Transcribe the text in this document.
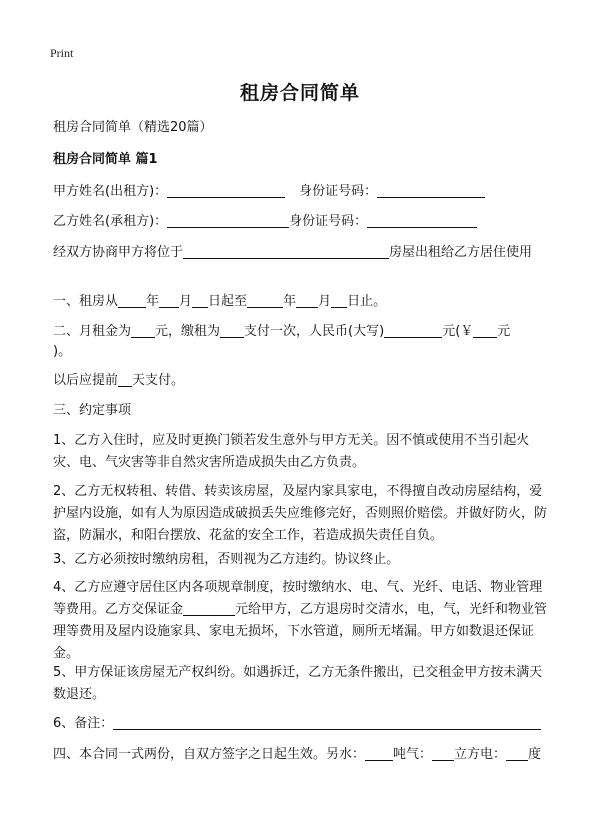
Print
租房合同简单
租房合同简单（精选20篇）
租房合同简单 篇1
甲方姓名(出租方)：	身份证号码：
乙方姓名(承租方)：	身份证号码：
经双方协商甲方将位于	房屋出租给乙方居住使用
一、租房从 年 月 日起至	年 月 日止。
二、月租金为 元，缴租为 支付一次，人民币(大写)	元(￥ 元
)。
以后应提前 天支付。
三、约定事项
1、乙方入住时，应及时更换门锁若发生意外与甲方无关。因不慎或使用不当引起火灾、电、气灾害等非自然灾害所造成损失由乙方负责。
2、乙方无权转租、转借、转卖该房屋，及屋内家具家电，不得擅自改动房屋结构，爱护屋内设施，如有人为原因造成破损丢失应维修完好，否则照价赔偿。并做好防火，防盗，防漏水，和阳台摆放、花盆的安全工作，若造成损失责任自负。
3、乙方必须按时缴纳房租，否则视为乙方违约。协议终止。
4、乙方应遵守居住区内各项规章制度，按时缴纳水、电、气、光纤、电话、物业管理等费用。乙方交保证金	元给甲方，乙方退房时交清水，电，气，光纤和物业管理等费用及屋内设施家具、家电无损坏，下水管道，厕所无堵漏。甲方如数退还保证金。
5、甲方保证该房屋无产权纠纷。如遇拆迁，乙方无条件搬出，已交租金甲方按未满天数退还。
6、备注：
四、本合同一式两份，自双方签字之日起生效。另水： 吨气： 立方电： 度
